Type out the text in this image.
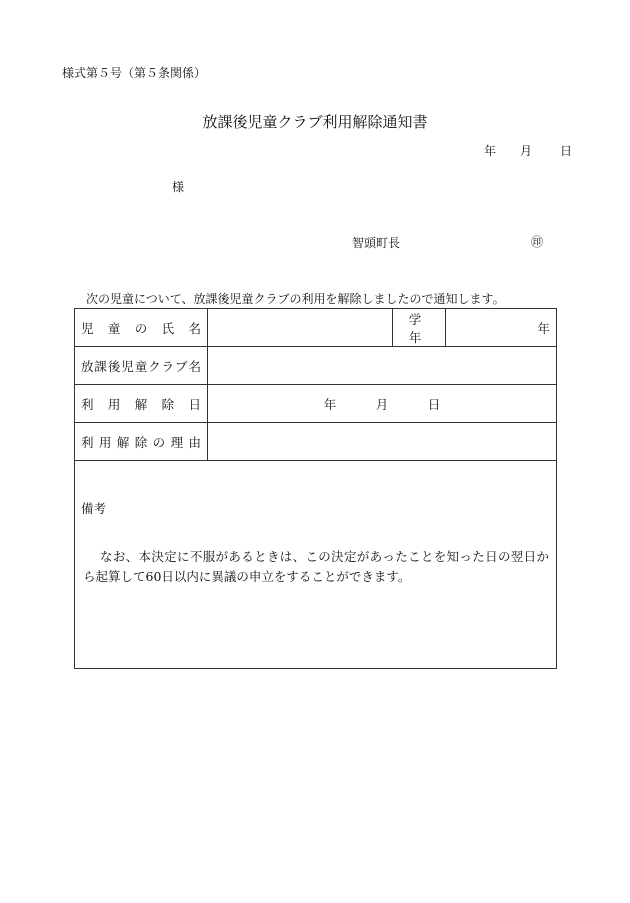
様式第５号（第５条関係）
放課後児童クラブ利用解除通知書
年 月 日
様
智頭町長	㊞
次の児童について、放課後児童クラブの利用を解除しましたので通知します。
児童の氏名		学年	年
放課後児童クラブ名			
利用解除日	年 月 日		
利用解除の理由			

備考
なお、本決定に不服があるときは、この決定があったことを知った日の翌日から起算して60日以内に異議の申立をすることができます。			
